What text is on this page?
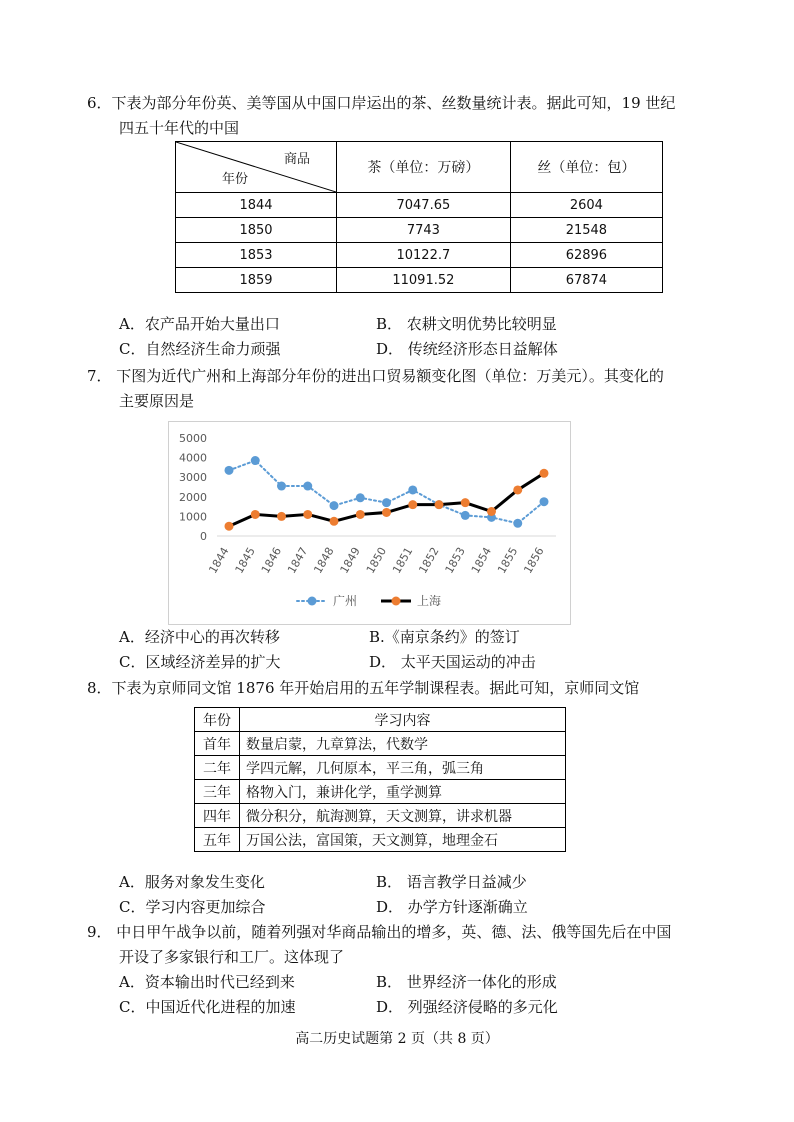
6．下表为部分年份英、美等国从中国口岸运出的茶、丝数量统计表。据此可知，19 世纪
四五十年代的中国
商品
年份	茶（单位：万磅）	丝（单位：包）
1844	7047.65	2604
1850	7743	21548
1853	10122.7	62896
1859	11091.52	67874
A．农产品开始大量出口	B． 农耕文明优势比较明显
C．自然经济生命力顽强	D． 传统经济形态日益解体
7． 下图为近代广州和上海部分年份的进出口贸易额变化图（单位：万美元）。其变化的
主要原因是
0
1000
2000
3000
4000
5000
1844 1845 1846 1847 1848 1849 1850 1851 1852 1853 1854 1855 1856
广州	上海
A．经济中心的再次转移	B.《南京条约》的签订
C．区域经济差异的扩大	D． 太平天国运动的冲击
8．下表为京师同文馆 1876 年开始启用的五年学制课程表。据此可知，京师同文馆
年份	学习内容
首年	数量启蒙，九章算法，代数学
二年	学四元解，几何原本，平三角，弧三角
三年	格物入门，兼讲化学，重学测算
四年	微分积分，航海测算，天文测算，讲求机器
五年	万国公法，富国策，天文测算，地理金石
A．服务对象发生变化	B． 语言教学日益减少
C．学习内容更加综合	D． 办学方针逐渐确立
9． 中日甲午战争以前，随着列强对华商品输出的增多，英、德、法、俄等国先后在中国
开设了多家银行和工厂。这体现了
A．资本输出时代已经到来	B． 世界经济一体化的形成
C．中国近代化进程的加速	D． 列强经济侵略的多元化
高二历史试题第 2 页（共 8 页）
